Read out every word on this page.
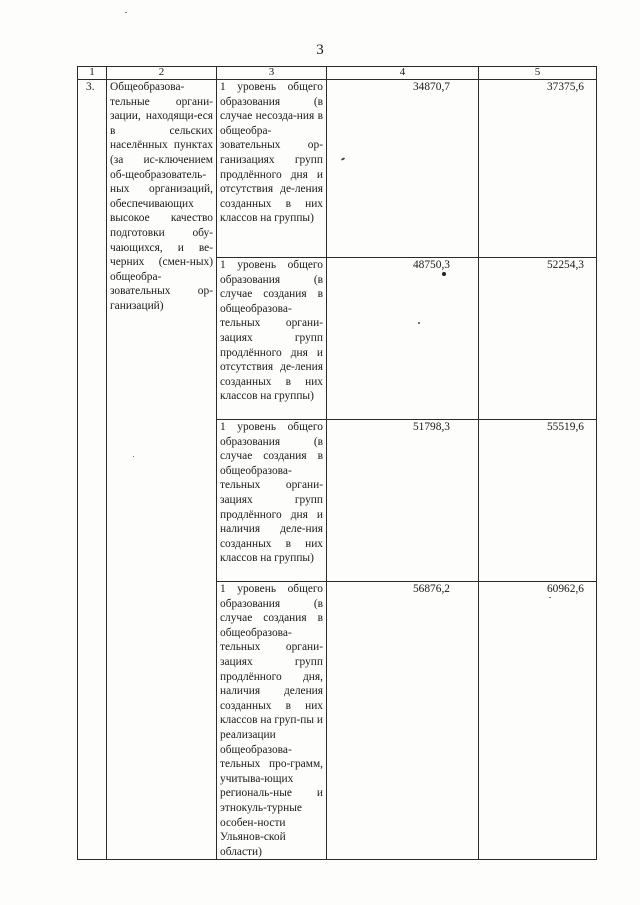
3
1	2	3	4	5
3.	Общеобразова-тельные органи-зации, находящи-еся в сельских населённых пунктах (за ис-ключением об-щеобразователь-ных организаций, обеспечивающих высокое качество подготовки обу-чающихся, и ве-черних (смен-ных) общеобра-зовательных ор-ганизаций)	1 уровень общего образования (в случае несозда-ния в общеобра-зовательных ор-ганизациях групп продлённого дня и отсутствия де-ления созданных в них классов на группы)	34870,7	37375,6
		1 уровень общего образования (в случае создания в общеобразова-тельных органи-зациях групп продлённого дня и отсутствия де-ления созданных в них классов на группы)	48750,3	52254,3
		1 уровень общего образования (в случае создания в общеобразова-тельных органи-зациях групп продлённого дня и наличия деле-ния созданных в них классов на группы)	51798,3	55519,6
		1 уровень общего образования (в случае создания в общеобразова-тельных органи-зациях групп продлённого дня, наличия деления созданных в них классов на груп-пы и реализации общеобразова-тельных про-грамм, учитыва-ющих региональ-ные и этнокуль-турные особен-ности Ульянов-ской области)	56876,2	60962,6
